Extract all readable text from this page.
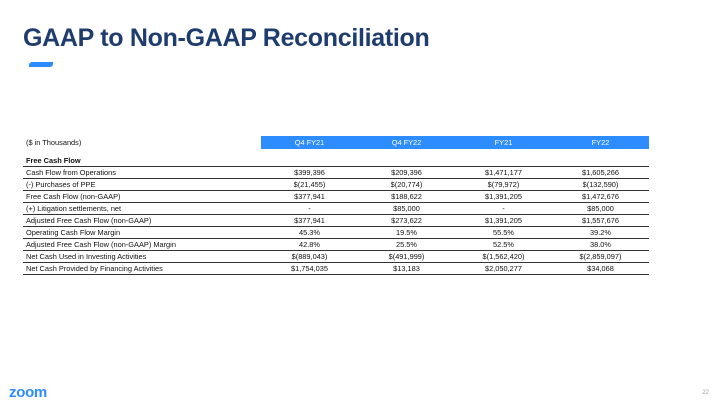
GAAP to Non-GAAP Reconciliation
($ in Thousands)	Q4 FY21	Q4 FY22	FY21	FY22

Free Cash Flow				
Cash Flow from Operations	$399,396	$209,396	$1,471,177	$1,605,266
(-) Purchases of PPE	$(21,455)	$(20,774)	$(79,972)	$(132,590)
Free Cash Flow (non-GAAP)	$377,941	$188,622	$1,391,205	$1,472,676
(+) Litigation settlements, net	-	$85,000	-	$85,000
Adjusted Free Cash Flow (non-GAAP)	$377,941	$273,622	$1,391,205	$1,557,676
Operating Cash Flow Margin	45.3%	19.5%	55.5%	39.2%
Adjusted Free Cash Flow (non-GAAP) Margin	42.8%	25.5%	52.5%	38.0%
Net Cash Used in Investing Activities	$(889,043)	$(491,999)	$(1,562,420)	$(2,859,097)
Net Cash Provided by Financing Activities	$1,754,035	$13,183	$2,050,277	$34,068
zoom	22
